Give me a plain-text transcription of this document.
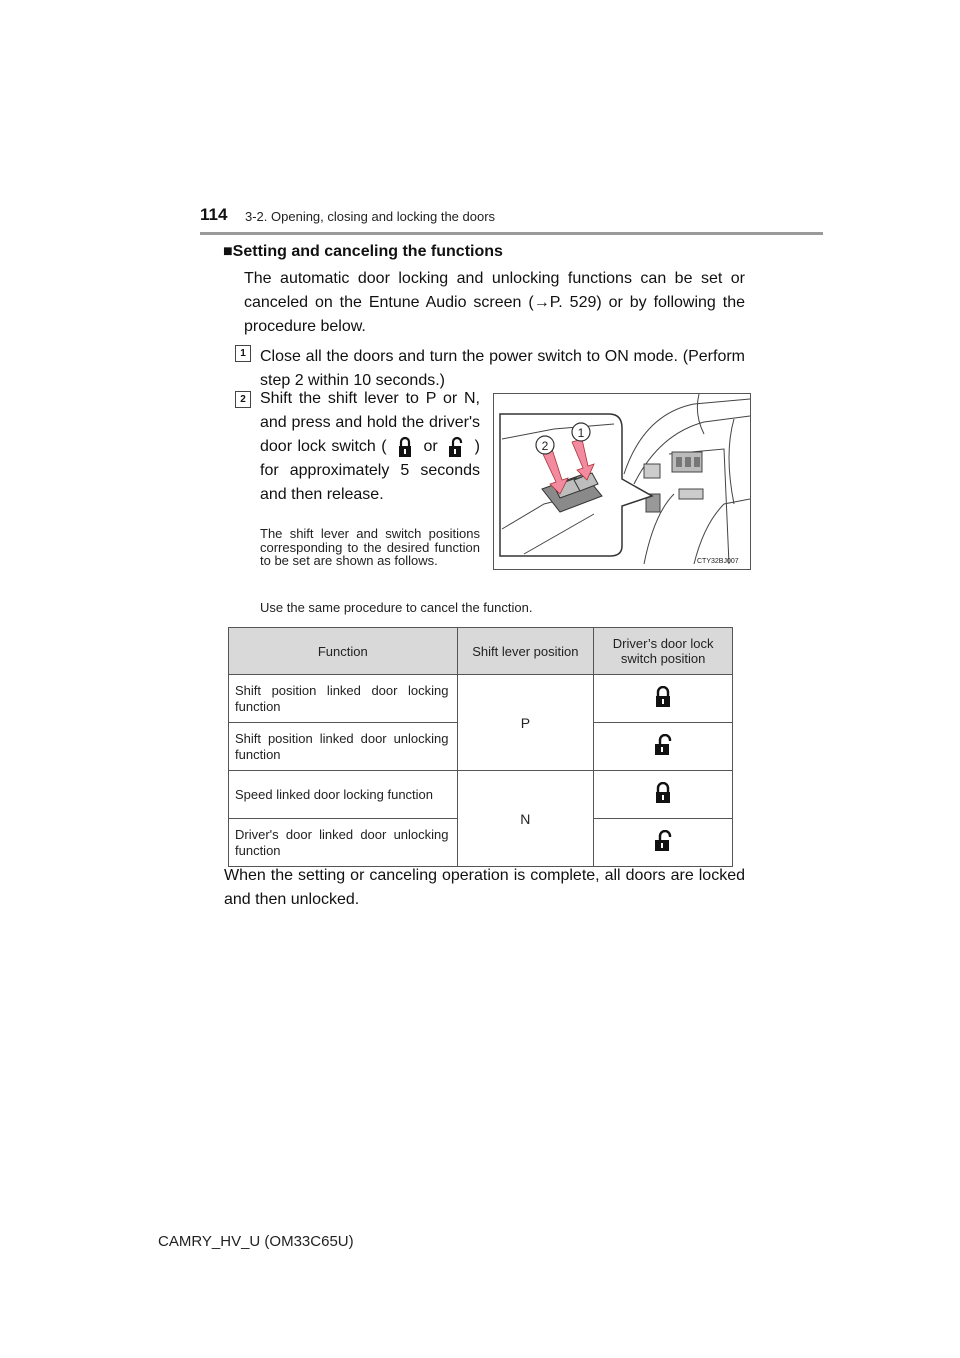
114 3-2. Opening, closing and locking the doors
■Setting and canceling the functions
The automatic door locking and unlocking functions can be set or canceled on the Entune Audio screen (→P. 529) or by following the procedure below.
1 Close all the doors and turn the power switch to ON mode. (Perform step 2 within 10 seconds.)
2 Shift the shift lever to P or N, and press and hold the driver's door lock switch ( or ) for approximately 5 seconds and then release.
The shift lever and switch positions corresponding to the desired function to be set are shown as follows.
Use the same procedure to cancel the function.
2
1
CTY32BJ007
Function	Shift lever position	Driver’s door lock switch position
Shift position linked door locking function	P	
Shift position linked door unlocking function	
Speed linked door locking function	N	
Driver's door linked door unlocking function	
When the setting or canceling operation is complete, all doors are locked and then unlocked.
CAMRY_HV_U (OM33C65U)
